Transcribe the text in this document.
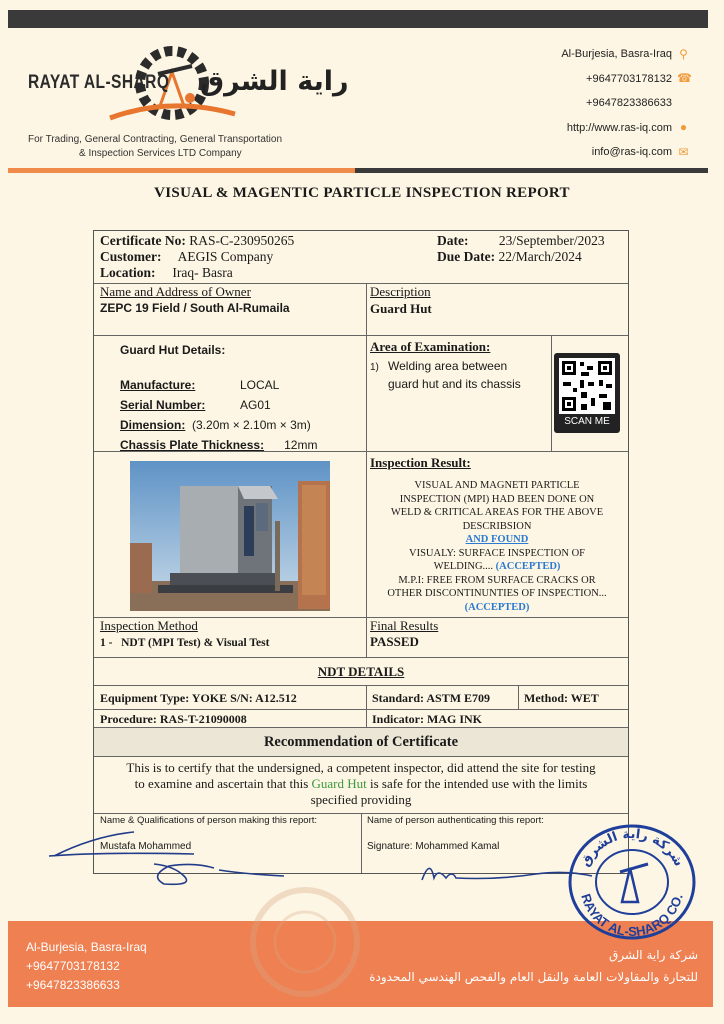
RAYAT AL-SHARQ راية الشرق
For Trading, General Contracting, General Transportation
& Inspection Services LTD Company
Al-Burjesia, Basra-Iraq ⚲
+9647703178132 ☎
+9647823386633
http://www.ras-iq.com ●
info@ras-iq.com ✉
VISUAL & MAGENTIC PARTICLE INSPECTION REPORT
Certificate No: RAS-C-230950265
Customer: AEGIS Company
Location: Iraq- Basra
Date: 23/September/2023
Due Date: 22/March/2024
Name and Address of Owner
ZEPC 19 Field / South Al-Rumaila
Description
Guard Hut
Guard Hut Details:
Manufacture:	LOCAL
Serial Number:	AG01
Dimension: (3.20m × 2.10m × 3m)
Chassis Plate Thickness: 12mm
Area of Examination:
1) Welding area between
guard hut and its chassis
SCAN ME
Inspection Result:
VISUAL AND MAGNETI PARTICLE
INSPECTION (MPI) HAD BEEN DONE ON
WELD & CRITICAL AREAS FOR THE ABOVE
DESCRIBSION
AND FOUND
VISUALY: SURFACE INSPECTION OF
WELDING.... (ACCEPTED)
M.P.I: FREE FROM SURFACE CRACKS OR
OTHER DISCONTINUNTIES OF INSPECTION...
(ACCEPTED)
Inspection Method
1 - NDT (MPI Test) & Visual Test
Final Results
PASSED
NDT DETAILS
Equipment Type: YOKE S/N: A12.512	Standard: ASTM E709	Method: WET
Procedure: RAS-T-21090008	Indicator: MAG INK
Recommendation of Certificate
This is to certify that the undersigned, a competent inspector, did attend the site for testing
to examine and ascertain that this Guard Hut is safe for the intended use with the limits
specified providing
Name & Qualifications of person making this report:
Mustafa Mohammed
Name of person authenticating this report:
Signature: Mohammed Kamal
Al-Burjesia, Basra-Iraq
+9647703178132
+9647823386633
شركة راية الشرق
للتجارة والمقاولات العامة والنقل العام والفحص الهندسي المحدودة
شركة راية الشرق
RAYAT AL-SHARQ CO.
